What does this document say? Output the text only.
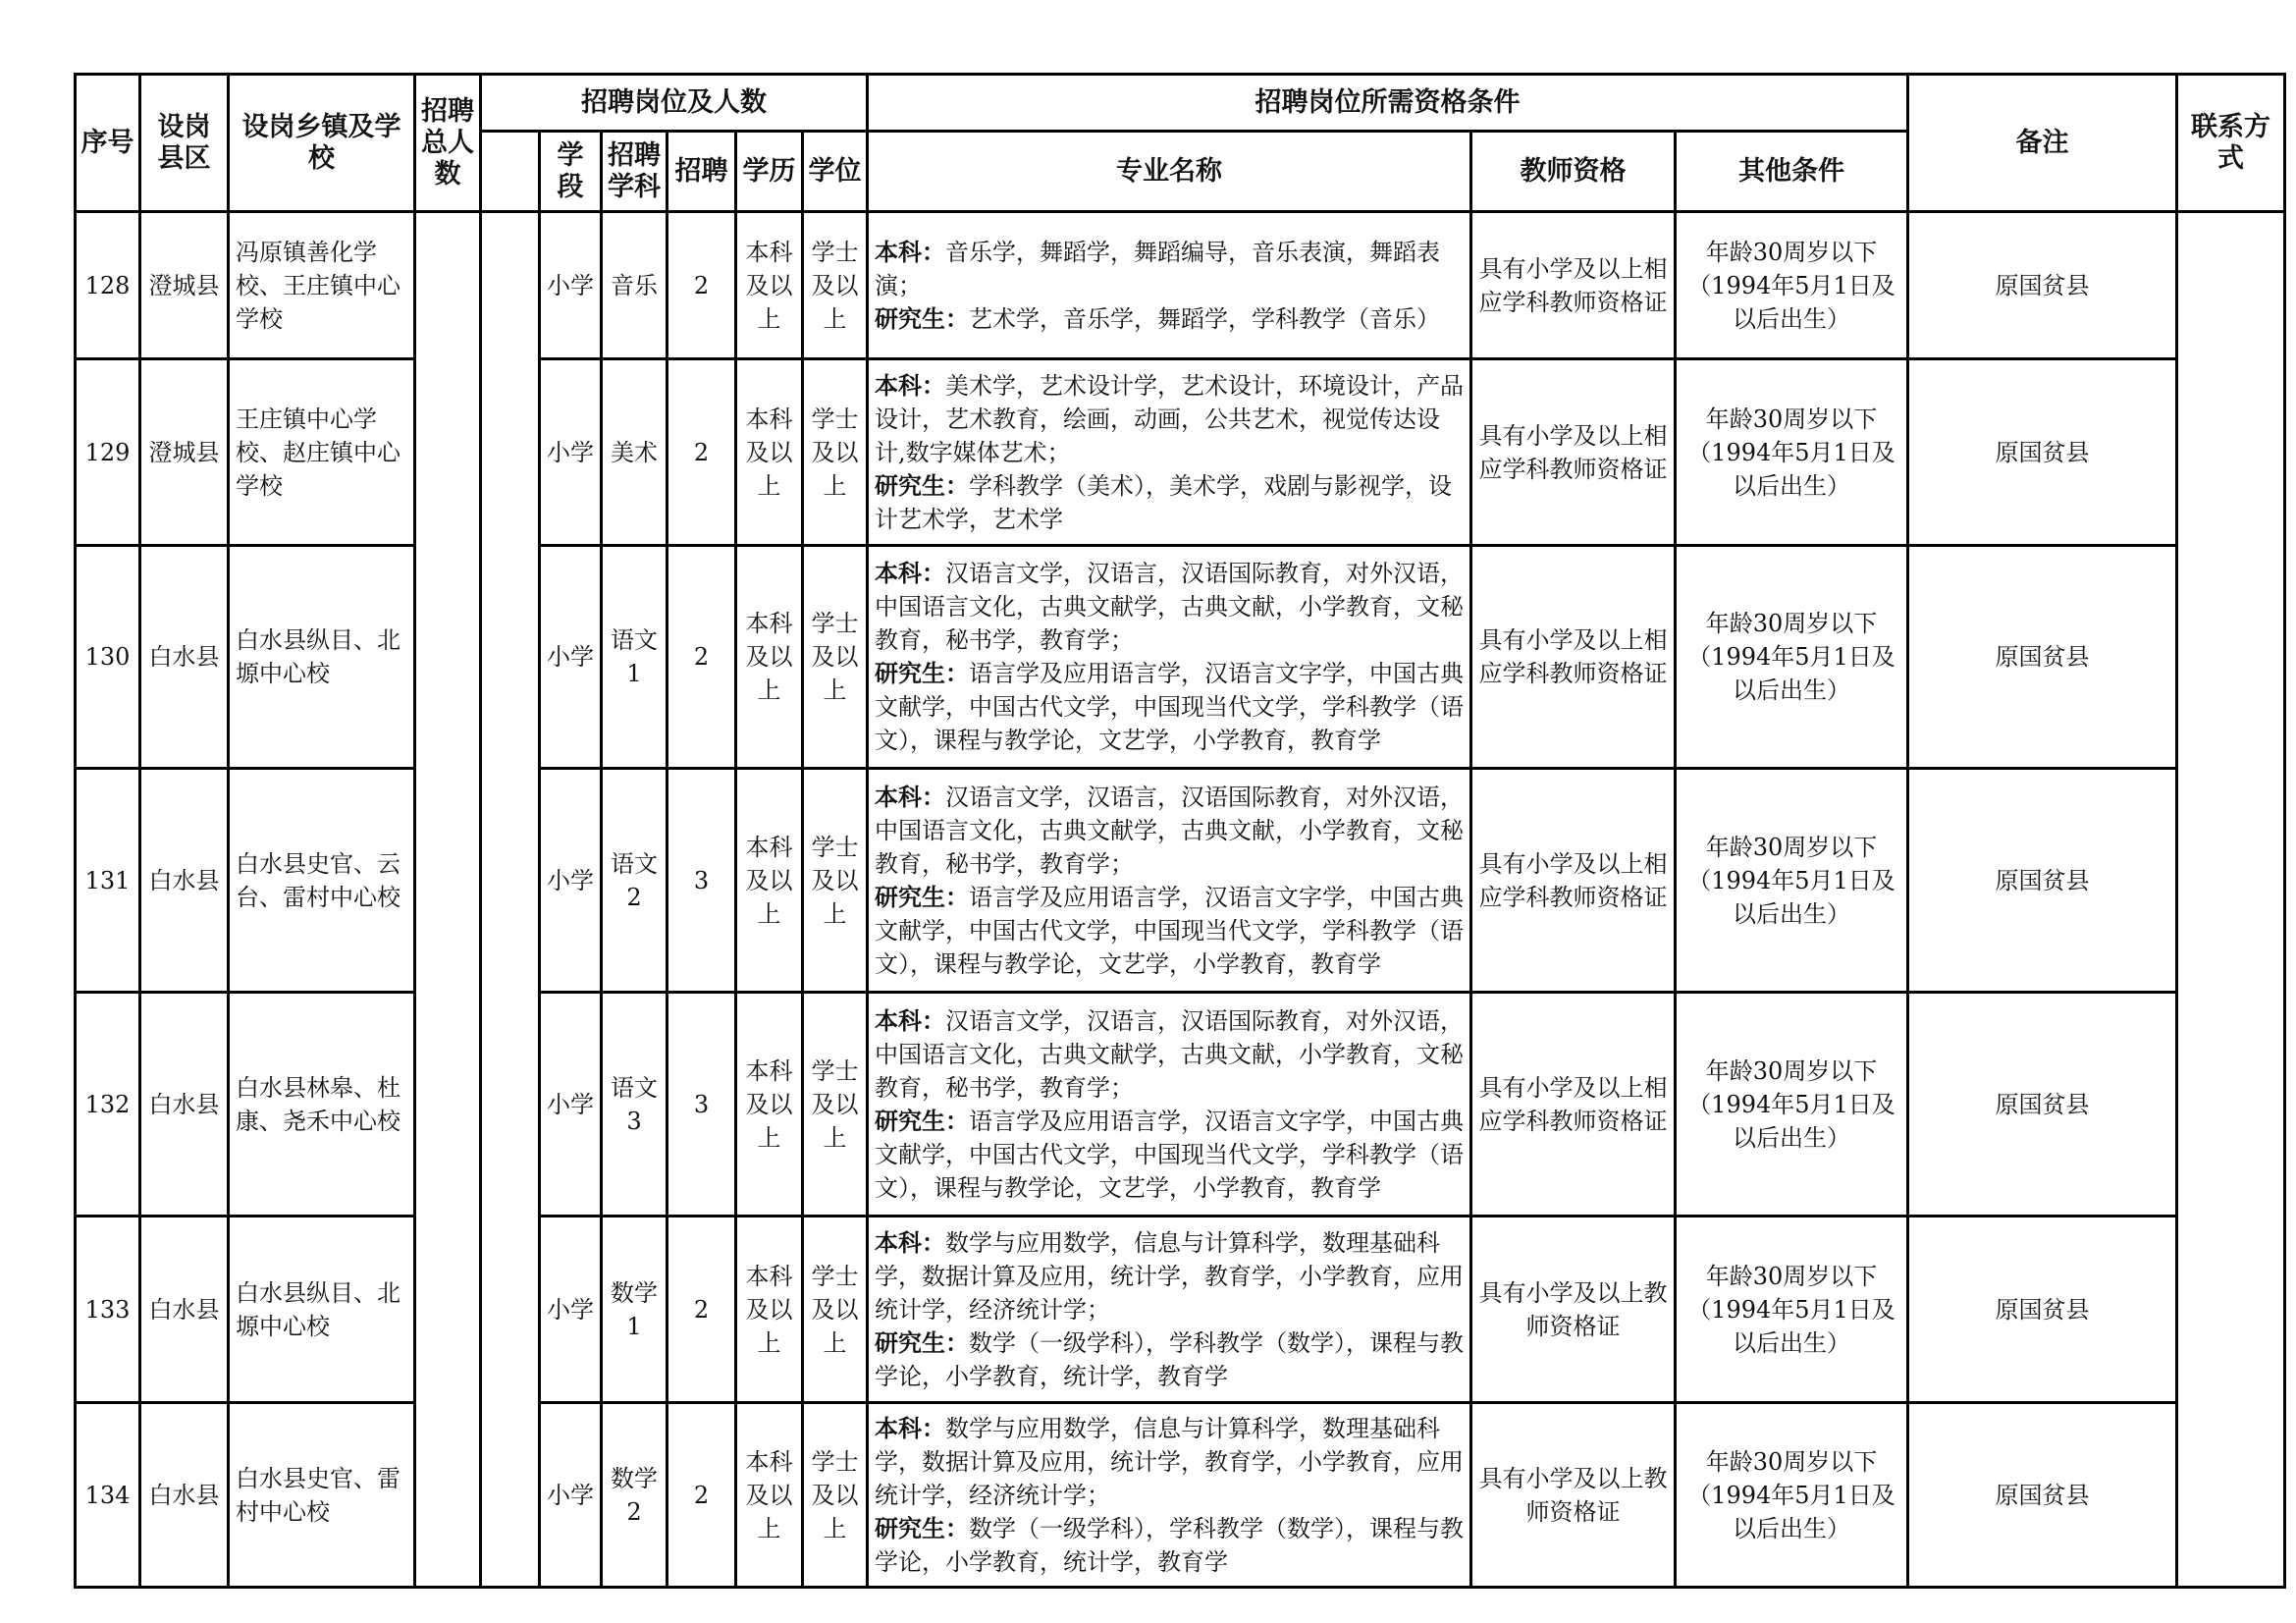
序号	设岗县区	设岗乡镇及学校	招聘总人数	招聘岗位及人数						招聘岗位所需资格条件			备注	联系方式
					学段	招聘学科	招聘	学历	学位	专业名称	教师资格	其他条件		
128	澄城县	冯原镇善化学校、王庄镇中心学校			小学	音乐	2	本科及以上	学士及以上	本科：音乐学，舞蹈学，舞蹈编导，音乐表演，舞蹈表演；
研究生：艺术学，音乐学，舞蹈学，学科教学（音乐）	具有小学及以上相应学科教师资格证	年龄30周岁以下（1994年5月1日及以后出生）	原国贫县	
129	澄城县	王庄镇中心学校、赵庄镇中心学校			小学	美术	2	本科及以上	学士及以上	本科：美术学，艺术设计学，艺术设计，环境设计，产品设计，艺术教育，绘画，动画，公共艺术，视觉传达设计,数字媒体艺术；
研究生：学科教学（美术），美术学，戏剧与影视学，设计艺术学，艺术学	具有小学及以上相应学科教师资格证	年龄30周岁以下（1994年5月1日及以后出生）	原国贫县	
130	白水县	白水县纵目、北塬中心校			小学	语文1	2	本科及以上	学士及以上	本科：汉语言文学，汉语言，汉语国际教育，对外汉语，中国语言文化，古典文献学，古典文献，小学教育，文秘教育，秘书学，教育学；
研究生：语言学及应用语言学，汉语言文字学，中国古典文献学，中国古代文学，中国现当代文学，学科教学（语文），课程与教学论，文艺学，小学教育，教育学	具有小学及以上相应学科教师资格证	年龄30周岁以下（1994年5月1日及以后出生）	原国贫县	
131	白水县	白水县史官、云台、雷村中心校			小学	语文2	3	本科及以上	学士及以上	本科：汉语言文学，汉语言，汉语国际教育，对外汉语，中国语言文化，古典文献学，古典文献，小学教育，文秘教育，秘书学，教育学；
研究生：语言学及应用语言学，汉语言文字学，中国古典文献学，中国古代文学，中国现当代文学，学科教学（语文），课程与教学论，文艺学，小学教育，教育学	具有小学及以上相应学科教师资格证	年龄30周岁以下（1994年5月1日及以后出生）	原国贫县	
132	白水县	白水县林皋、杜康、尧禾中心校			小学	语文3	3	本科及以上	学士及以上	本科：汉语言文学，汉语言，汉语国际教育，对外汉语，中国语言文化，古典文献学，古典文献，小学教育，文秘教育，秘书学，教育学；
研究生：语言学及应用语言学，汉语言文字学，中国古典文献学，中国古代文学，中国现当代文学，学科教学（语文），课程与教学论，文艺学，小学教育，教育学	具有小学及以上相应学科教师资格证	年龄30周岁以下（1994年5月1日及以后出生）	原国贫县	
133	白水县	白水县纵目、北塬中心校			小学	数学1	2	本科及以上	学士及以上	本科：数学与应用数学，信息与计算科学，数理基础科学，数据计算及应用，统计学，教育学，小学教育，应用统计学，经济统计学；
研究生：数学（一级学科），学科教学（数学），课程与教学论，小学教育，统计学，教育学	具有小学及以上教师资格证	年龄30周岁以下（1994年5月1日及以后出生）	原国贫县	
134	白水县	白水县史官、雷村中心校			小学	数学2	2	本科及以上	学士及以上	本科：数学与应用数学，信息与计算科学，数理基础科学，数据计算及应用，统计学，教育学，小学教育，应用统计学，经济统计学；
研究生：数学（一级学科），学科教学（数学），课程与教学论，小学教育，统计学，教育学	具有小学及以上教师资格证	年龄30周岁以下（1994年5月1日及以后出生）	原国贫县	
